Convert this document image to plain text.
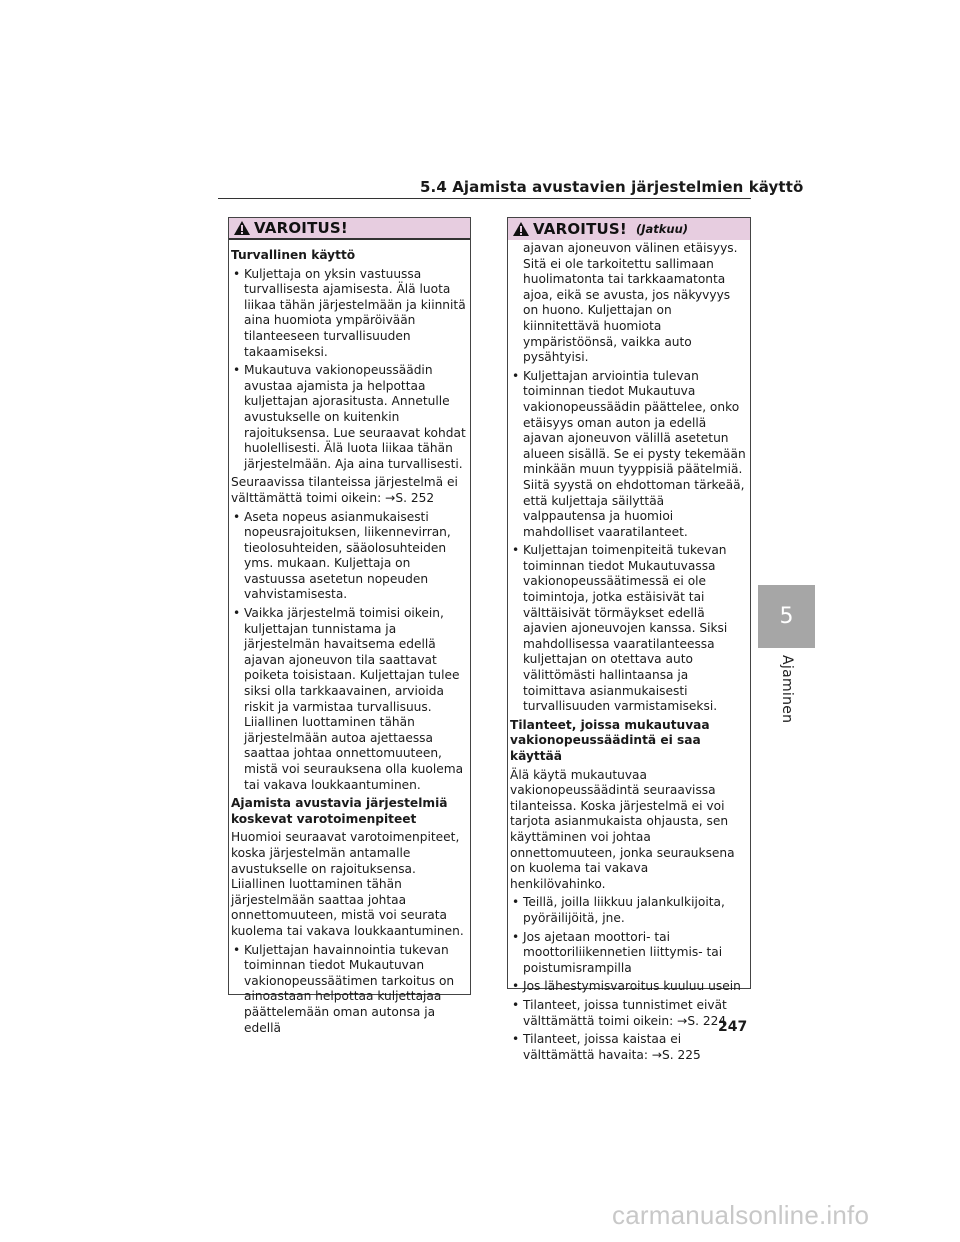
5.4 Ajamista avustavien järjestelmien käyttö
VAROITUS!
Turvallinen käyttö

• Kuljettaja on yksin vastuussa turvallisesta ajamisesta. Älä luota liikaa tähän järjestelmään ja kiinnitä aina huomiota ympäröivään tilanteeseen turvallisuuden takaamiseksi.

• Mukautuva vakionopeussäädin avustaa ajamista ja helpottaa kuljettajan ajorasitusta. Annetulle avustukselle on kuitenkin rajoituksensa. Lue seuraavat kohdat huolellisesti. Älä luota liikaa tähän järjestelmään. Aja aina turvallisesti.

Seuraavissa tilanteissa järjestelmä ei välttämättä toimi oikein: →S. 252

• Aseta nopeus asianmukaisesti nopeusrajoituksen, liikennevirran, tieolosuhteiden, sääolosuhteiden yms. mukaan. Kuljettaja on vastuussa asetetun nopeuden vahvistamisesta.

• Vaikka järjestelmä toimisi oikein, kuljettajan tunnistama ja järjestelmän havaitsema edellä ajavan ajoneuvon tila saattavat poiketa toisistaan. Kuljettajan tulee siksi olla tarkkaavainen, arvioida riskit ja varmistaa turvallisuus. Liiallinen luottaminen tähän järjestelmään autoa ajettaessa saattaa johtaa onnettomuuteen, mistä voi seurauksena olla kuolema tai vakava loukkaantuminen.

Ajamista avustavia järjestelmiä koskevat varotoimenpiteet

Huomioi seuraavat varotoimenpiteet, koska järjestelmän antamalle avustukselle on rajoituksensa. Liiallinen luottaminen tähän järjestelmään saattaa johtaa onnettomuuteen, mistä voi seurata kuolema tai vakava loukkaantuminen.

• Kuljettajan havainnointia tukevan toiminnan tiedot Mukautuvan vakionopeussäätimen tarkoitus on ainoastaan helpottaa kuljettajaa päättelemään oman autonsa ja edellä

VAROITUS! (Jatkuu)

ajavan ajoneuvon välinen etäisyys. Sitä ei ole tarkoitettu sallimaan huolimatonta tai tarkkaamatonta ajoa, eikä se avusta, jos näkyvyys on huono. Kuljettajan on kiinnitettävä huomiota ympäristöönsä, vaikka auto pysähtyisi.

• Kuljettajan arviointia tulevan toiminnan tiedot Mukautuva vakionopeussäädin päättelee, onko etäisyys oman auton ja edellä ajavan ajoneuvon välillä asetetun alueen sisällä. Se ei pysty tekemään minkään muun tyyppisiä päätelmiä. Siitä syystä on ehdottoman tärkeää, että kuljettaja säilyttää valppautensa ja huomioi mahdolliset vaaratilanteet.

• Kuljettajan toimenpiteitä tukevan toiminnan tiedot Mukautuvassa vakionopeussäätimessä ei ole toimintoja, jotka estäisivät tai välttäisivät törmäykset edellä ajavien ajoneuvojen kanssa. Siksi mahdollisessa vaaratilanteessa kuljettajan on otettava auto välittömästi hallintaansa ja toimittava asianmukaisesti turvallisuuden varmistamiseksi.

Tilanteet, joissa mukautuvaa vakionopeussäädintä ei saa käyttää

Älä käytä mukautuvaa vakionopeussäädintä seuraavissa tilanteissa. Koska järjestelmä ei voi tarjota asianmukaista ohjausta, sen käyttäminen voi johtaa onnettomuuteen, jonka seurauksena on kuolema tai vakava henkilövahinko.

• Teillä, joilla liikkuu jalankulkijoita, pyöräilijöitä, jne.

• Jos ajetaan moottori- tai moottoriliikennetien liittymis- tai poistumisrampilla

• Jos lähestymisvaroitus kuuluu usein

• Tilanteet, joissa tunnistimet eivät välttämättä toimi oikein: →S. 224

• Tilanteet, joissa kaistaa ei välttämättä havaita: →S. 225

5
Ajaminen
247
carmanualsonline.info
